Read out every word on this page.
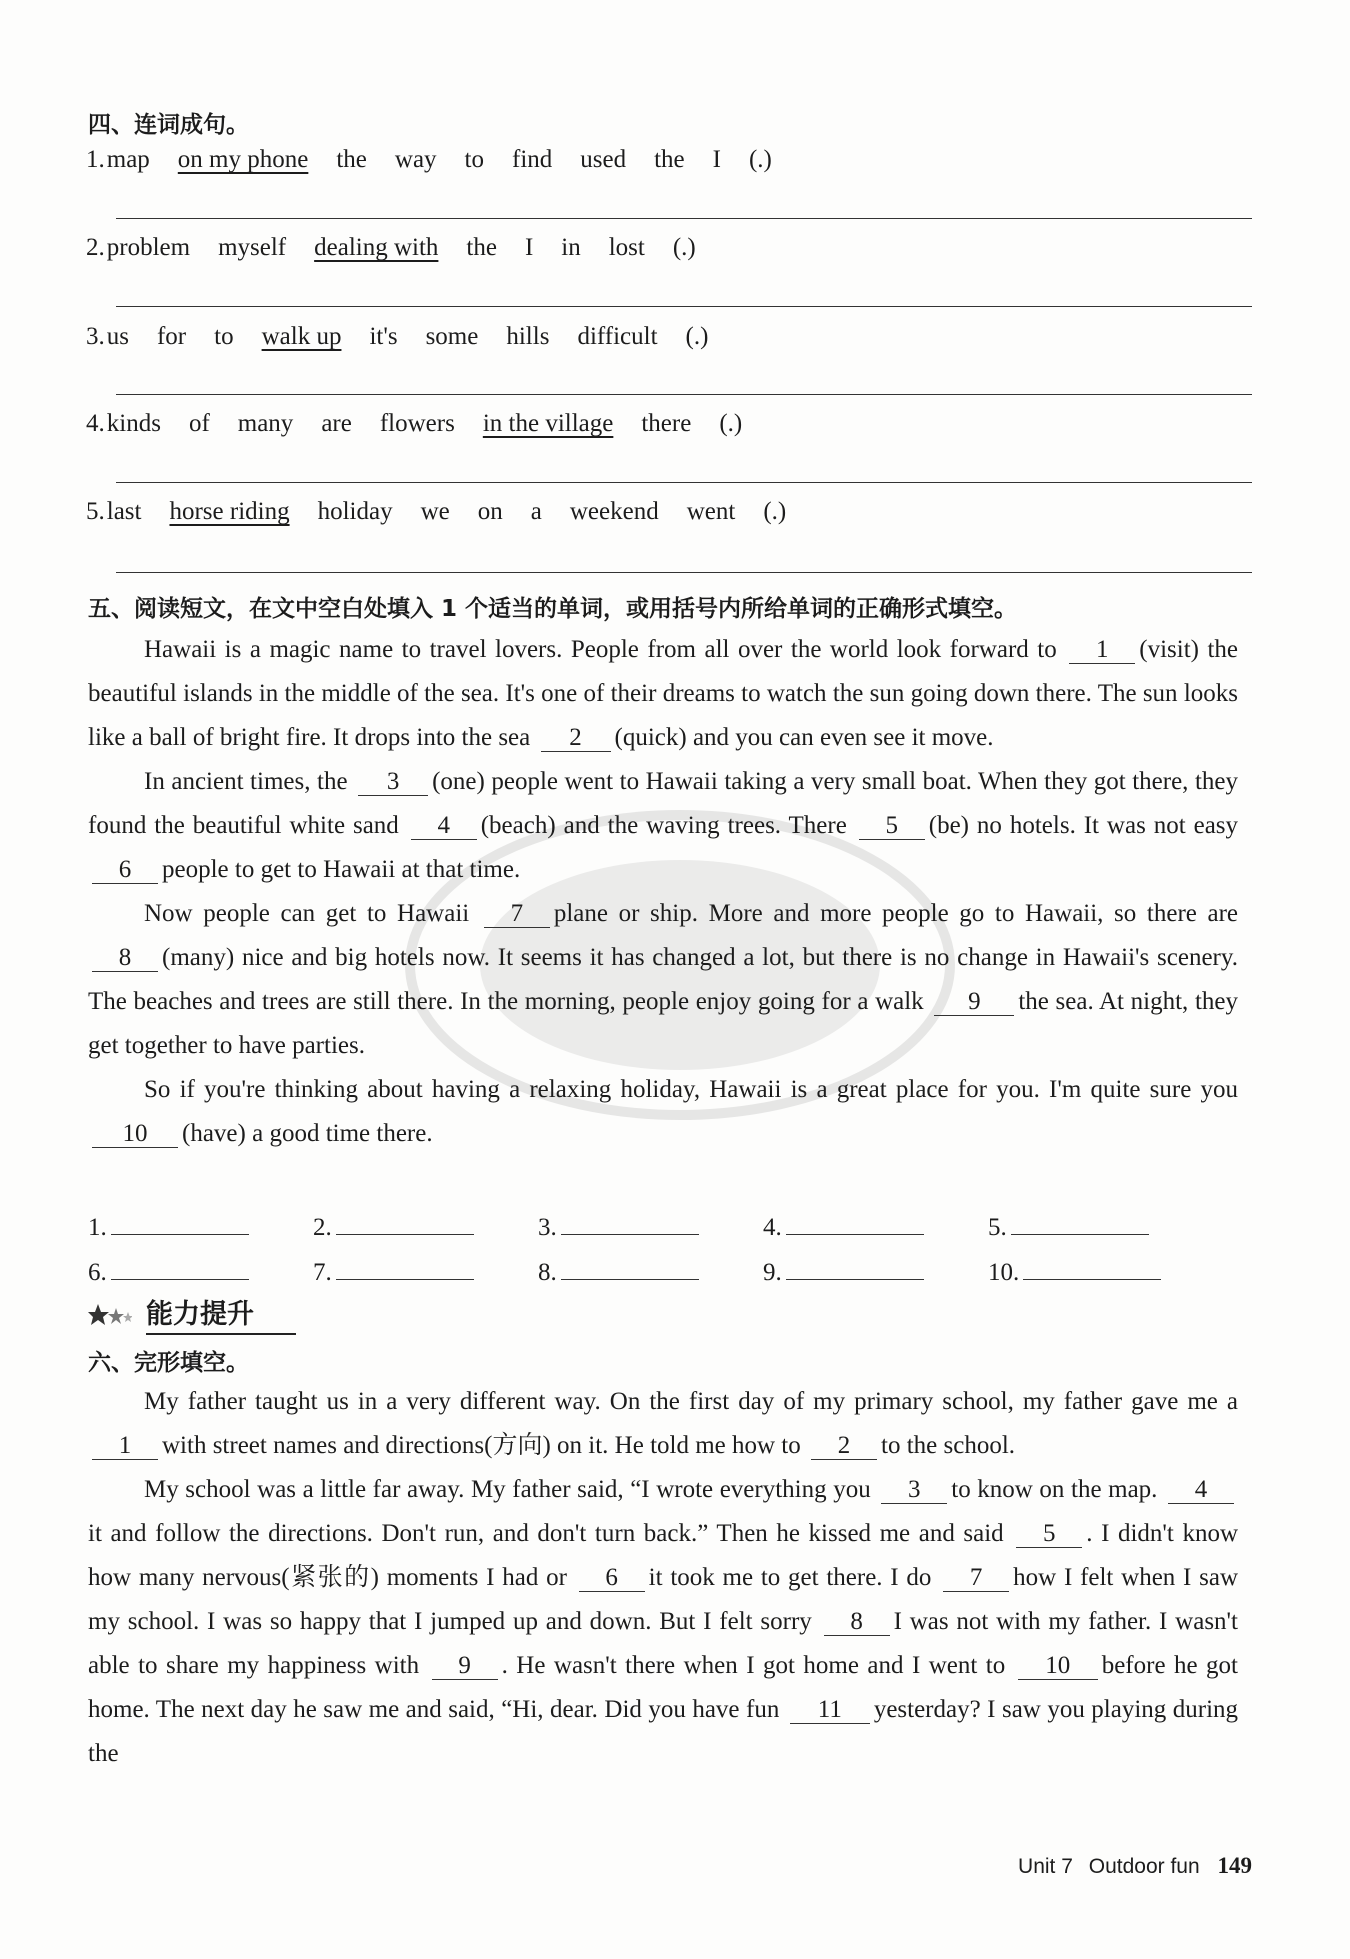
四、连词成句。
1.map on my phone the way to find used the I (.)
2.problem myself dealing with the I in lost (.)
3.us for to walk up it's some hills difficult (.)
4.kinds of many are flowers in the village there (.)
5.last horse riding holiday we on a weekend went (.)
五、阅读短文，在文中空白处填入 1 个适当的单词，或用括号内所给单词的正确形式填空。

Hawaii is a magic name to travel lovers. People from all over the world look forward to 1 (visit) the beautiful islands in the middle of the sea. It's one of their dreams to watch the sun going down there. The sun looks like a ball of bright fire. It drops into the sea 2 (quick) and you can even see it move.

In ancient times, the 3 (one) people went to Hawaii taking a very small boat. When they got there, they found the beautiful white sand 4 (beach) and the waving trees. There 5 (be) no hotels. It was not easy 6 people to get to Hawaii at that time.

Now people can get to Hawaii 7 plane or ship. More and more people go to Hawaii, so there are 8 (many) nice and big hotels now. It seems it has changed a lot, but there is no change in Hawaii's scenery. The beaches and trees are still there. In the morning, people enjoy going for a walk 9 the sea. At night, they get together to have parties.

So if you're thinking about having a relaxing holiday, Hawaii is a great place for you. I'm quite sure you 10 (have) a good time there.

1.	2.	3.	4.	5.
6.	7.	8.	9.	10.
能力提升
六、完形填空。

My father taught us in a very different way. On the first day of my primary school, my father gave me a 1 with street names and directions(方向) on it. He told me how to 2 to the school.

My school was a little far away. My father said, “I wrote everything you 3 to know on the map. 4it and follow the directions. Don't run, and don't turn back.” Then he kissed me and said 5 . I didn't know how many nervous(紧张的) moments I had or 6 it took me to get there. I do 7 how I felt when I saw my school. I was so happy that I jumped up and down. But I felt sorry 8 I was not with my father. I wasn't able to share my happiness with 9 . He wasn't there when I got home and I went to 10 before he got home. The next day he saw me and said, “Hi, dear. Did you have fun 11 yesterday? I saw you playing during the

Unit 7 Outdoor fun 149
